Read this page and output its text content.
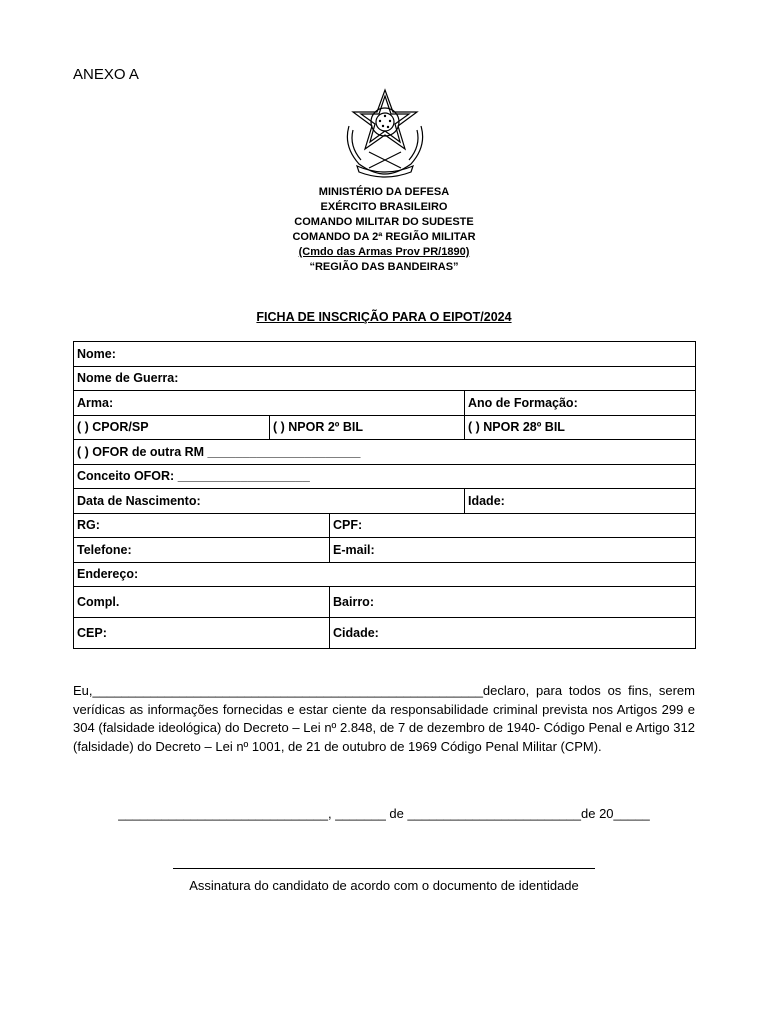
ANEXO A
MINISTÉRIO DA DEFESA
EXÉRCITO BRASILEIRO
COMANDO MILITAR DO SUDESTE
COMANDO DA 2ª REGIÃO MILITAR
(Cmdo das Armas Prov PR/1890)
“REGIÃO DAS BANDEIRAS”
FICHA DE INSCRIÇÃO PARA O EIPOT/2024
Nome:			
Nome de Guerra:			
Arma:			Ano de Formação:
( ) CPOR/SP	( ) NPOR 2º BIL		( ) NPOR 28º BIL
( ) OFOR de outra RM ______________________			
Conceito OFOR: ___________________			
Data de Nascimento:			Idade:
RG:		CPF:	
Telefone:		E-mail:	
Endereço:			
Compl.		Bairro:	
CEP:		Cidade:	
Eu,______________________________________________________declaro, para todos os fins, serem verídicas as informações fornecidas e estar ciente da responsabilidade criminal prevista nos Artigos 299 e 304 (falsidade ideológica) do Decreto – Lei nº 2.848, de 7 de dezembro de 1940- Código Penal e Artigo 312 (falsidade) do Decreto – Lei nº 1001, de 21 de outubro de 1969 Código Penal Militar (CPM).
_____________________________, _______ de ________________________de 20_____
Assinatura do candidato de acordo com o documento de identidade
